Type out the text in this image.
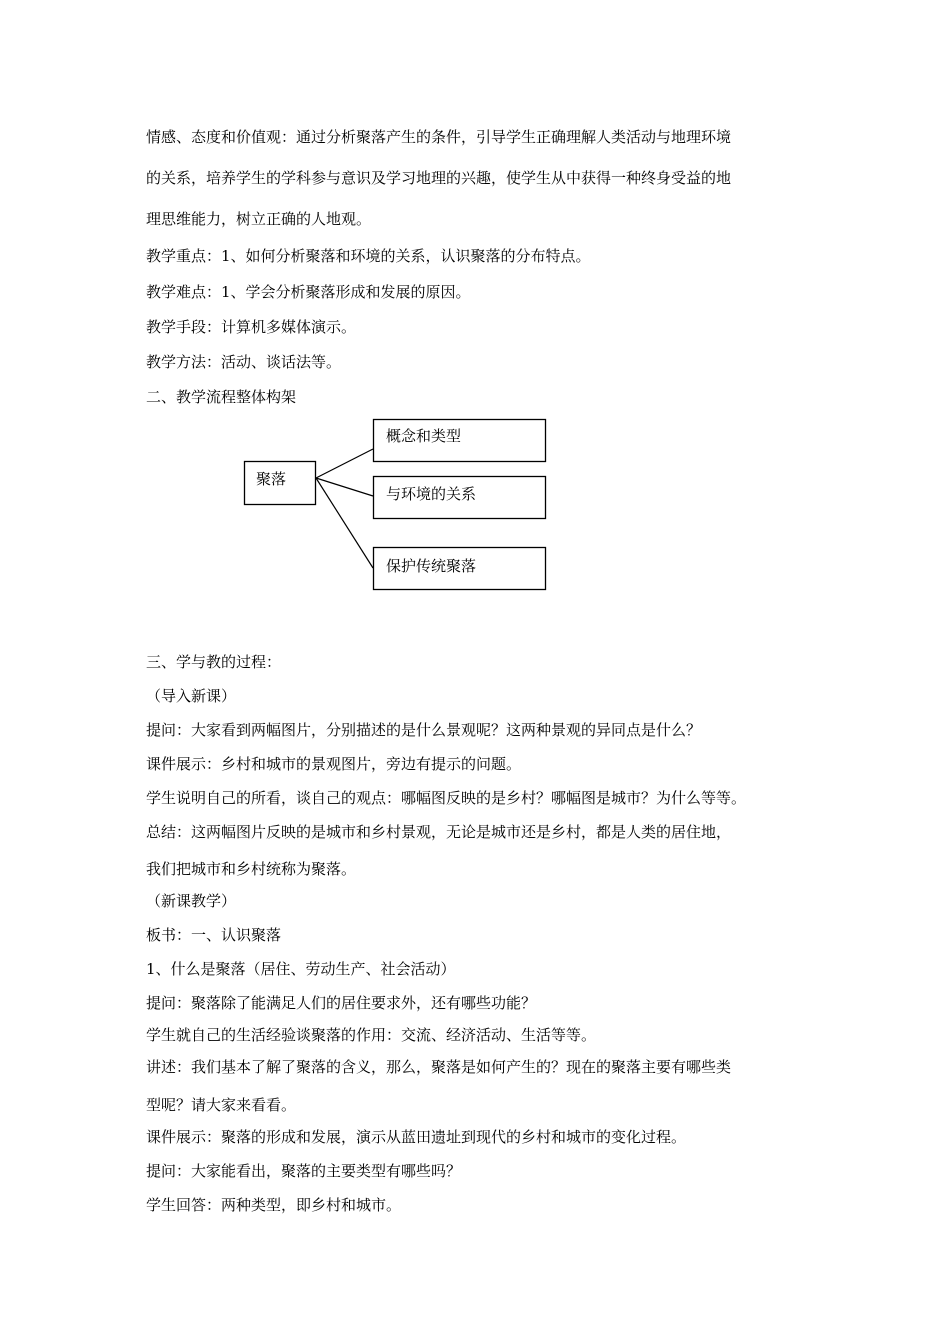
情感、态度和价值观：通过分析聚落产生的条件，引导学生正确理解人类活动与地理环境
的关系，培养学生的学科参与意识及学习地理的兴趣，使学生从中获得一种终身受益的地
理思维能力，树立正确的人地观。
教学重点：1、如何分析聚落和环境的关系，认识聚落的分布特点。
教学难点：1、学会分析聚落形成和发展的原因。
教学手段：计算机多媒体演示。
教学方法：活动、谈话法等。
二、教学流程整体构架
聚落
概念和类型
与环境的关系
保护传统聚落
三、学与教的过程：
（导入新课）
提问：大家看到两幅图片，分别描述的是什么景观呢？这两种景观的异同点是什么？
课件展示：乡村和城市的景观图片，旁边有提示的问题。
学生说明自己的所看，谈自己的观点：哪幅图反映的是乡村？哪幅图是城市？为什么等等。
总结：这两幅图片反映的是城市和乡村景观，无论是城市还是乡村，都是人类的居住地，
我们把城市和乡村统称为聚落。
（新课教学）
板书：一、认识聚落
1、什么是聚落（居住、劳动生产、社会活动）
提问：聚落除了能满足人们的居住要求外，还有哪些功能？
学生就自己的生活经验谈聚落的作用：交流、经济活动、生活等等。
讲述：我们基本了解了聚落的含义，那么，聚落是如何产生的？现在的聚落主要有哪些类
型呢？请大家来看看。
课件展示：聚落的形成和发展，演示从蓝田遗址到现代的乡村和城市的变化过程。
提问：大家能看出，聚落的主要类型有哪些吗？
学生回答：两种类型，即乡村和城市。
